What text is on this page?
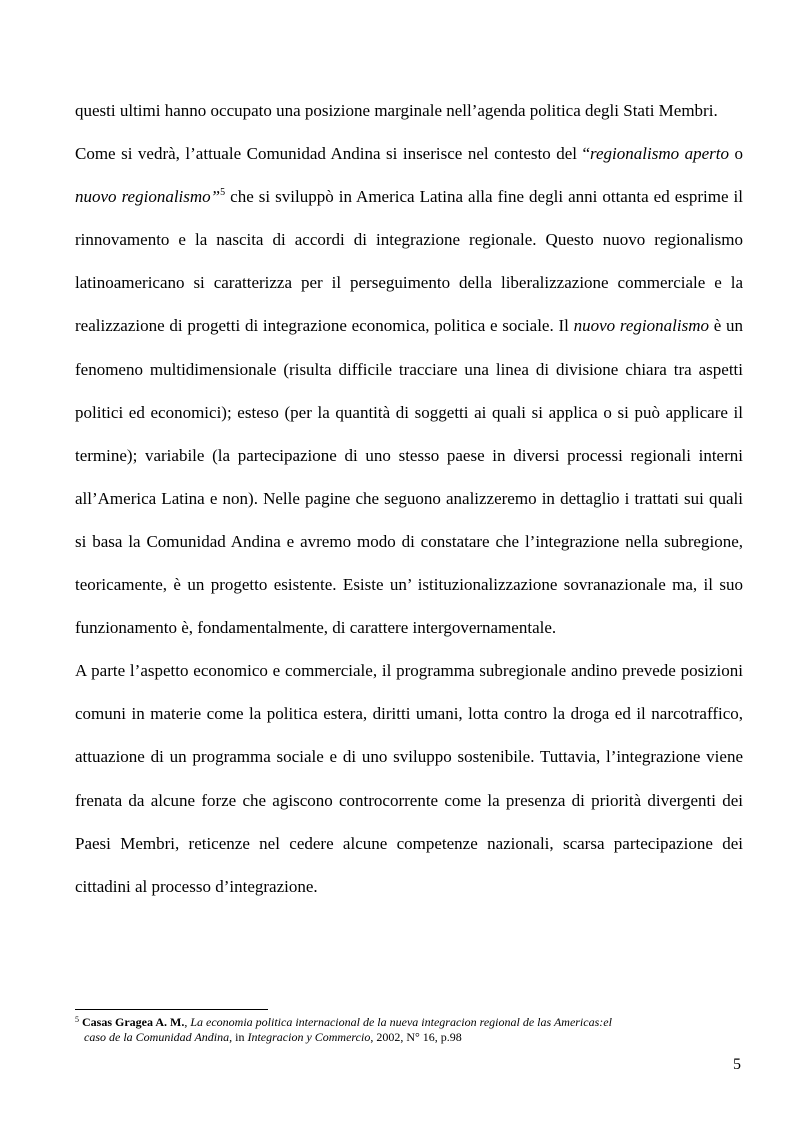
questi ultimi hanno occupato una posizione marginale nell’agenda politica degli Stati Membri.

Come si vedrà, l’attuale Comunidad Andina si inserisce nel contesto del “regionalismo aperto o nuovo regionalismo”$^5$ che si sviluppò in America Latina alla fine degli anni ottanta ed esprime il rinnovamento e la nascita di accordi di integrazione regionale. Questo nuovo regionalismo latinoamericano si caratterizza per il perseguimento della liberalizzazione commerciale e la realizzazione di progetti di integrazione economica, politica e sociale. Il nuovo regionalismo è un fenomeno multidimensionale (risulta difficile tracciare una linea di divisione chiara tra aspetti politici ed economici); esteso (per la quantità di soggetti ai quali si applica o si può applicare il termine); variabile (la partecipazione di uno stesso paese in diversi processi regionali interni all’America Latina e non). Nelle pagine che seguono analizzeremo in dettaglio i trattati sui quali si basa la Comunidad Andina e avremo modo di constatare che l’integrazione nella subregione, teoricamente, è un progetto esistente. Esiste un’ istituzionalizzazione sovranazionale ma, il suo funzionamento è, fondamentalmente, di carattere intergovernamentale.

A parte l’aspetto economico e commerciale, il programma subregionale andino prevede posizioni comuni in materie come la politica estera, diritti umani, lotta contro la droga ed il narcotraffico, attuazione di un programma sociale e di uno sviluppo sostenibile. Tuttavia, l’integrazione viene frenata da alcune forze che agiscono controcorrente come la presenza di priorità divergenti dei Paesi Membri, reticenze nel cedere alcune competenze nazionali, scarsa partecipazione dei cittadini al processo d’integrazione.

$^5$ Casas Gragea A. M., La economia politica internacional de la nueva integracion regional de las Americas:el
caso de la Comunidad Andina, in Integracion y Commercio, 2002, N° 16, p.98
5
